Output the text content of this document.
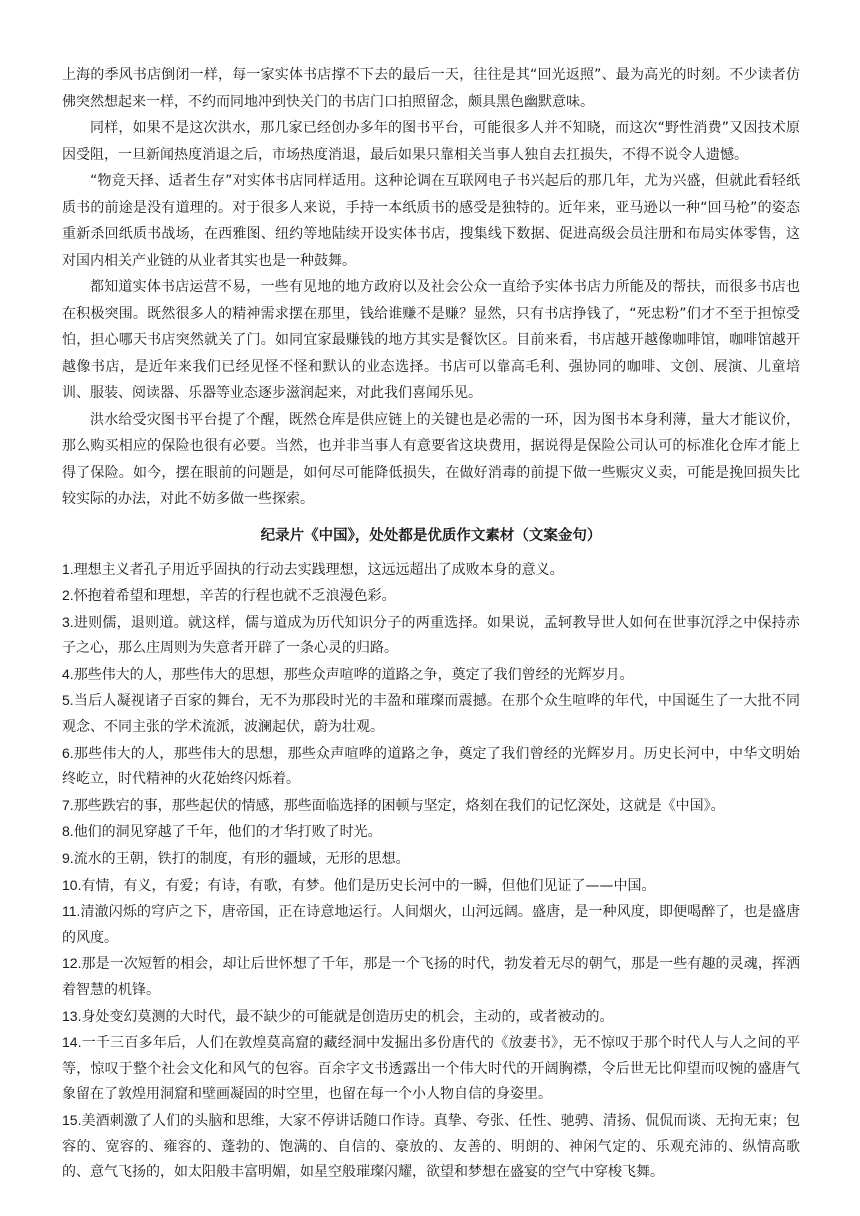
上海的季风书店倒闭一样，每一家实体书店撑不下去的最后一天，往往是其“回光返照”、最为高光的时刻。不少读者仿佛突然想起来一样，不约而同地冲到快关门的书店门口拍照留念，颇具黑色幽默意味。

同样，如果不是这次洪水，那几家已经创办多年的图书平台，可能很多人并不知晓，而这次“野性消费”又因技术原因受阻，一旦新闻热度消退之后，市场热度消退，最后如果只靠相关当事人独自去扛损失，不得不说令人遗憾。

“物竞天择、适者生存”对实体书店同样适用。这种论调在互联网电子书兴起后的那几年，尤为兴盛，但就此看轻纸质书的前途是没有道理的。对于很多人来说，手持一本纸质书的感受是独特的。近年来，亚马逊以一种“回马枪”的姿态重新杀回纸质书战场，在西雅图、纽约等地陆续开设实体书店，搜集线下数据、促进高级会员注册和布局实体零售，这对国内相关产业链的从业者其实也是一种鼓舞。

都知道实体书店运营不易，一些有见地的地方政府以及社会公众一直给予实体书店力所能及的帮扶，而很多书店也在积极突围。既然很多人的精神需求摆在那里，钱给谁赚不是赚？显然，只有书店挣钱了，“死忠粉”们才不至于担惊受怕，担心哪天书店突然就关了门。如同宜家最赚钱的地方其实是餐饮区。目前来看，书店越开越像咖啡馆，咖啡馆越开越像书店，是近年来我们已经见怪不怪和默认的业态选择。书店可以靠高毛利、强协同的咖啡、文创、展演、儿童培训、服装、阅读器、乐器等业态逐步滋润起来，对此我们喜闻乐见。

洪水给受灾图书平台提了个醒，既然仓库是供应链上的关键也是必需的一环，因为图书本身利薄，量大才能议价，那么购买相应的保险也很有必要。当然，也并非当事人有意要省这块费用，据说得是保险公司认可的标准化仓库才能上得了保险。如今，摆在眼前的问题是，如何尽可能降低损失，在做好消毒的前提下做一些赈灾义卖，可能是挽回损失比较实际的办法，对此不妨多做一些探索。

纪录片《中国》，处处都是优质作文素材（文案金句）
1.理想主义者孔子用近乎固执的行动去实践理想，这远远超出了成败本身的意义。
2.怀抱着希望和理想，辛苦的行程也就不乏浪漫色彩。
3.进则儒，退则道。就这样，儒与道成为历代知识分子的两重选择。如果说，孟轲教导世人如何在世事沉浮之中保持赤子之心，那么庄周则为失意者开辟了一条心灵的归路。
4.那些伟大的人，那些伟大的思想，那些众声喧哗的道路之争，奠定了我们曾经的光辉岁月。
5.当后人凝视诸子百家的舞台，无不为那段时光的丰盈和璀璨而震撼。在那个众生喧哗的年代，中国诞生了一大批不同观念、不同主张的学术流派，波澜起伏，蔚为壮观。
6.那些伟大的人，那些伟大的思想，那些众声喧哗的道路之争，奠定了我们曾经的光辉岁月。历史长河中，中华文明始终屹立，时代精神的火花始终闪烁着。
7.那些跌宕的事，那些起伏的情感，那些面临选择的困顿与坚定，烙刻在我们的记忆深处，这就是《中国》。
8.他们的洞见穿越了千年，他们的才华打败了时光。
9.流水的王朝，铁打的制度，有形的疆域，无形的思想。
10.有情，有义，有爱；有诗，有歌，有梦。他们是历史长河中的一瞬，但他们见证了——中国。
11.清澈闪烁的穹庐之下，唐帝国，正在诗意地运行。人间烟火，山河远阔。盛唐，是一种风度，即便喝醉了，也是盛唐的风度。
12.那是一次短暂的相会，却让后世怀想了千年，那是一个飞扬的时代，勃发着无尽的朝气，那是一些有趣的灵魂，挥洒着智慧的机锋。
13.身处变幻莫测的大时代，最不缺少的可能就是创造历史的机会，主动的，或者被动的。
14.一千三百多年后，人们在敦煌莫高窟的藏经洞中发掘出多份唐代的《放妻书》，无不惊叹于那个时代人与人之间的平等，惊叹于整个社会文化和风气的包容。百余字文书透露出一个伟大时代的开阔胸襟，令后世无比仰望而叹惋的盛唐气象留在了敦煌用洞窟和壁画凝固的时空里，也留在每一个小人物自信的身姿里。
15.美酒刺激了人们的头脑和思维，大家不停讲话随口作诗。真挚、夸张、任性、驰骋、清扬、侃侃而谈、无拘无束；包容的、宽容的、雍容的、蓬勃的、饱满的、自信的、豪放的、友善的、明朗的、神闲气定的、乐观充沛的、纵情高歌的、意气飞扬的，如太阳般丰富明媚，如星空般璀璨闪耀，欲望和梦想在盛宴的空气中穿梭飞舞。
